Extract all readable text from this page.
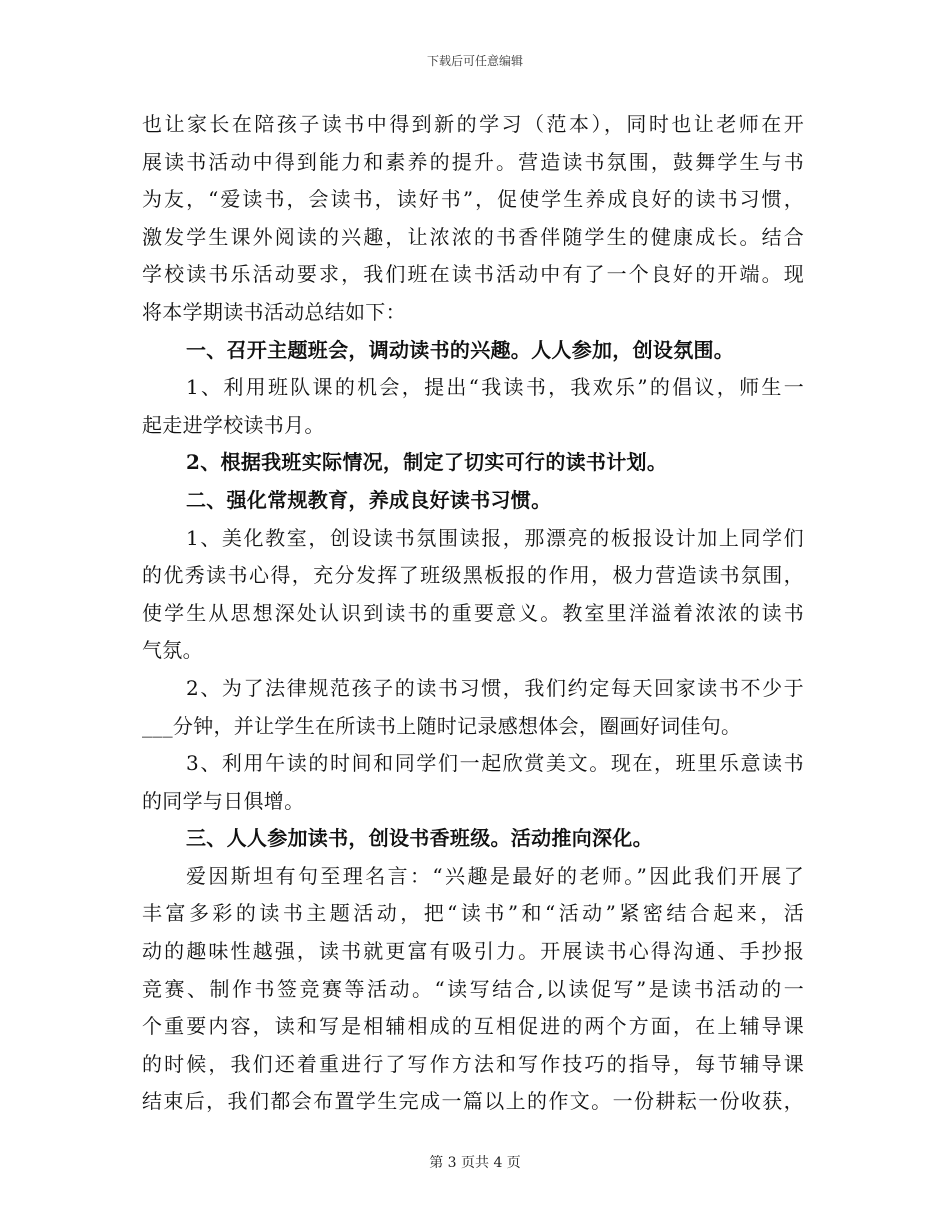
下载后可任意编辑
也让家长在陪孩子读书中得到新的学习（范本），同时也让老师在开
展读书活动中得到能力和素养的提升。营造读书氛围，鼓舞学生与书
为友，“爱读书，会读书，读好书”，促使学生养成良好的读书习惯，
激发学生课外阅读的兴趣，让浓浓的书香伴随学生的健康成长。结合
学校读书乐活动要求，我们班在读书活动中有了一个良好的开端。现
将本学期读书活动总结如下：
一、召开主题班会，调动读书的兴趣。人人参加，创设氛围。
1、利用班队课的机会，提出“我读书，我欢乐”的倡议，师生一
起走进学校读书月。
2、根据我班实际情况，制定了切实可行的读书计划。
二、强化常规教育，养成良好读书习惯。
1、美化教室，创设读书氛围读报，那漂亮的板报设计加上同学们
的优秀读书心得，充分发挥了班级黑板报的作用，极力营造读书氛围，
使学生从思想深处认识到读书的重要意义。教室里洋溢着浓浓的读书
气氛。
2、为了法律规范孩子的读书习惯，我们约定每天回家读书不少于
___分钟，并让学生在所读书上随时记录感想体会，圈画好词佳句。
3、利用午读的时间和同学们一起欣赏美文。现在，班里乐意读书
的同学与日俱增。
三、人人参加读书，创设书香班级。活动推向深化。
爱因斯坦有句至理名言：“兴趣是最好的老师。”因此我们开展了
丰富多彩的读书主题活动，把“读书”和“活动”紧密结合起来，活
动的趣味性越强，读书就更富有吸引力。开展读书心得沟通、手抄报
竞赛、制作书签竞赛等活动。“读写结合,以读促写”是读书活动的一
个重要内容，读和写是相辅相成的互相促进的两个方面，在上辅导课
的时候，我们还着重进行了写作方法和写作技巧的指导，每节辅导课
结束后，我们都会布置学生完成一篇以上的作文。一份耕耘一份收获，
第 3 页共 4 页
